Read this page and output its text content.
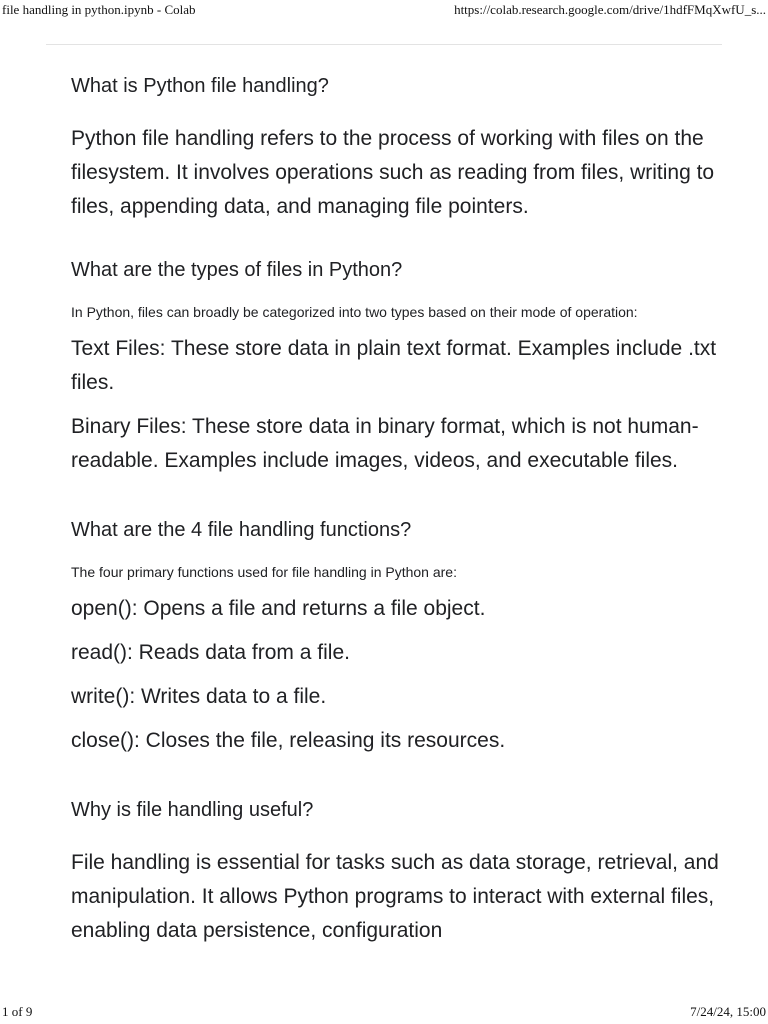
file handling in python.ipynb - Colab	https://colab.research.google.com/drive/1hdfFMqXwfU_s...
What is Python file handling?

Python file handling refers to the process of working with files on the filesystem. It involves operations such as reading from files, writing to files, appending data, and managing file pointers.

What are the types of files in Python?

In Python, files can broadly be categorized into two types based on their mode of operation:

Text Files: These store data in plain text format. Examples include .txt files.

Binary Files: These store data in binary format, which is not human-readable. Examples include images, videos, and executable files.

What are the 4 file handling functions?

The four primary functions used for file handling in Python are:

open(): Opens a file and returns a file object.

read(): Reads data from a file.

write(): Writes data to a file.

close(): Closes the file, releasing its resources.

Why is file handling useful?

File handling is essential for tasks such as data storage, retrieval, and manipulation. It allows Python programs to interact with external files, enabling data persistence, configuration

1 of 9	7/24/24, 15:00
